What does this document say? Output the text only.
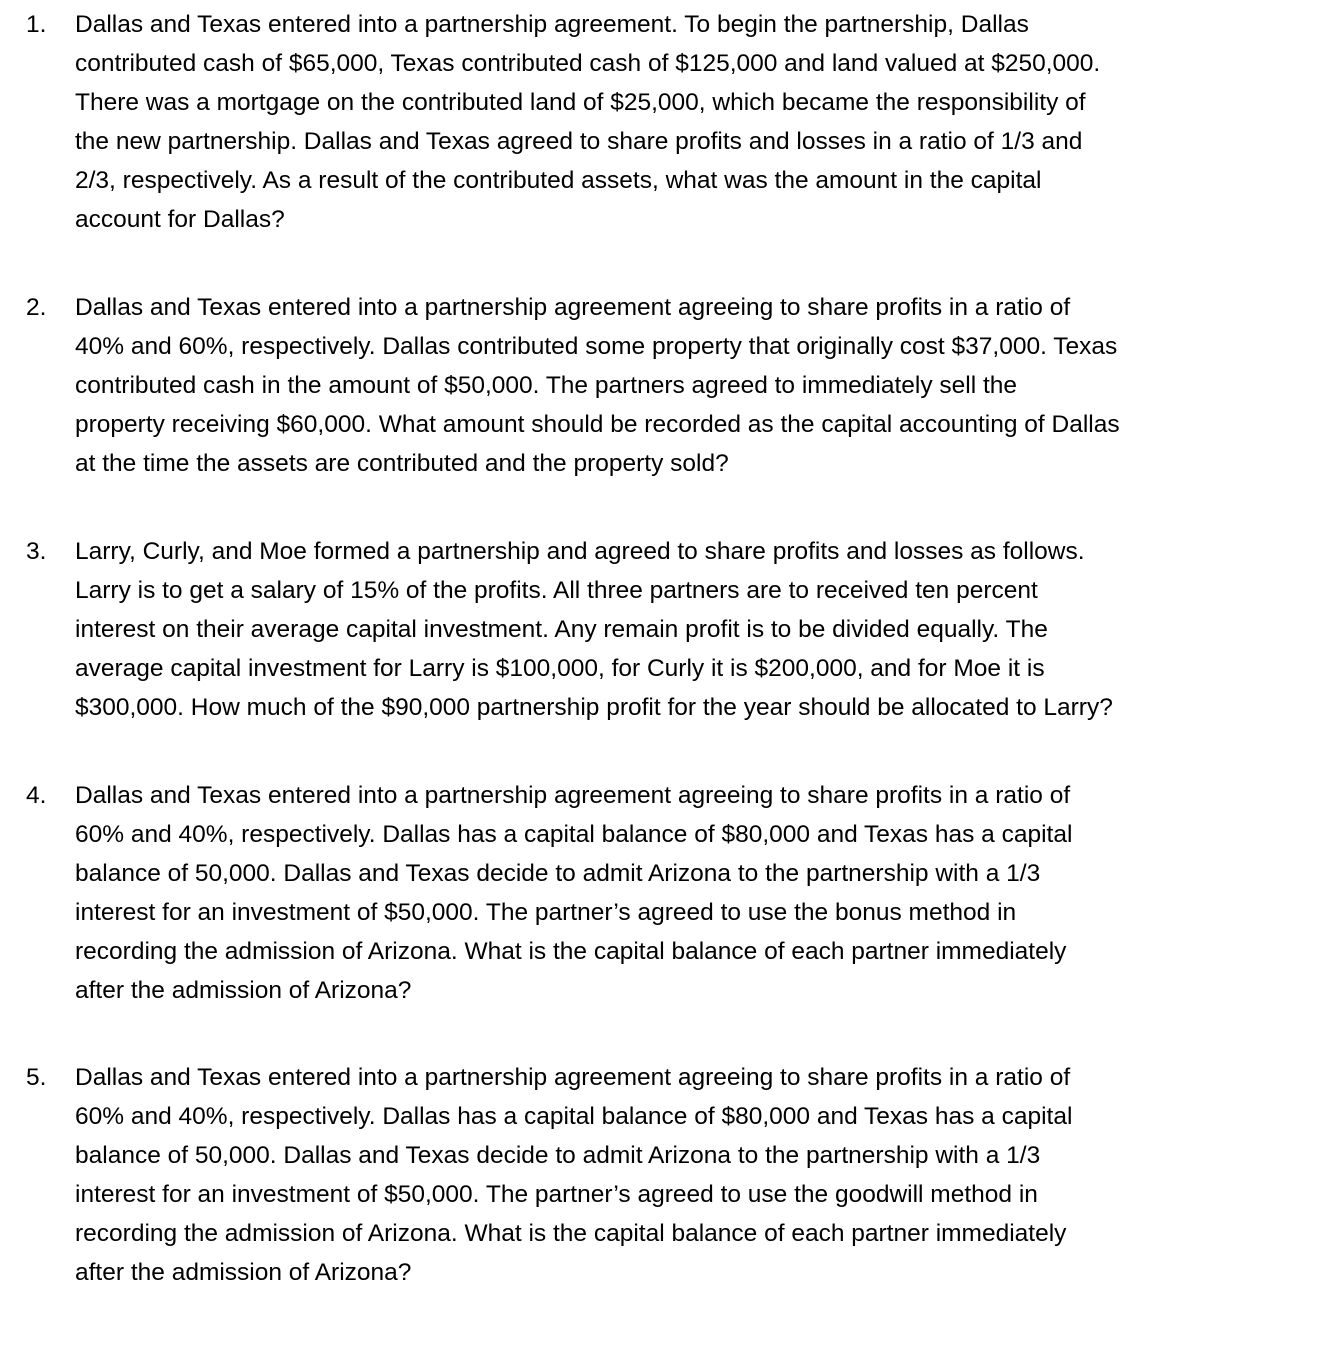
1.	Dallas and Texas entered into a partnership agreement. To begin the partnership, Dallas
contributed cash of $65,000, Texas contributed cash of $125,000 and land valued at $250,000.
There was a mortgage on the contributed land of $25,000, which became the responsibility of
the new partnership. Dallas and Texas agreed to share profits and losses in a ratio of 1/3 and
2/3, respectively. As a result of the contributed assets, what was the amount in the capital
account for Dallas?
2.	Dallas and Texas entered into a partnership agreement agreeing to share profits in a ratio of
40% and 60%, respectively. Dallas contributed some property that originally cost $37,000. Texas
contributed cash in the amount of $50,000. The partners agreed to immediately sell the
property receiving $60,000. What amount should be recorded as the capital accounting of Dallas
at the time the assets are contributed and the property sold?
3.	Larry, Curly, and Moe formed a partnership and agreed to share profits and losses as follows.
Larry is to get a salary of 15% of the profits. All three partners are to received ten percent
interest on their average capital investment. Any remain profit is to be divided equally. The
average capital investment for Larry is $100,000, for Curly it is $200,000, and for Moe it is
$300,000. How much of the $90,000 partnership profit for the year should be allocated to Larry?
4.	Dallas and Texas entered into a partnership agreement agreeing to share profits in a ratio of
60% and 40%, respectively. Dallas has a capital balance of $80,000 and Texas has a capital
balance of 50,000. Dallas and Texas decide to admit Arizona to the partnership with a 1/3
interest for an investment of $50,000. The partner’s agreed to use the bonus method in
recording the admission of Arizona. What is the capital balance of each partner immediately
after the admission of Arizona?
5.	Dallas and Texas entered into a partnership agreement agreeing to share profits in a ratio of
60% and 40%, respectively. Dallas has a capital balance of $80,000 and Texas has a capital
balance of 50,000. Dallas and Texas decide to admit Arizona to the partnership with a 1/3
interest for an investment of $50,000. The partner’s agreed to use the goodwill method in
recording the admission of Arizona. What is the capital balance of each partner immediately
after the admission of Arizona?
